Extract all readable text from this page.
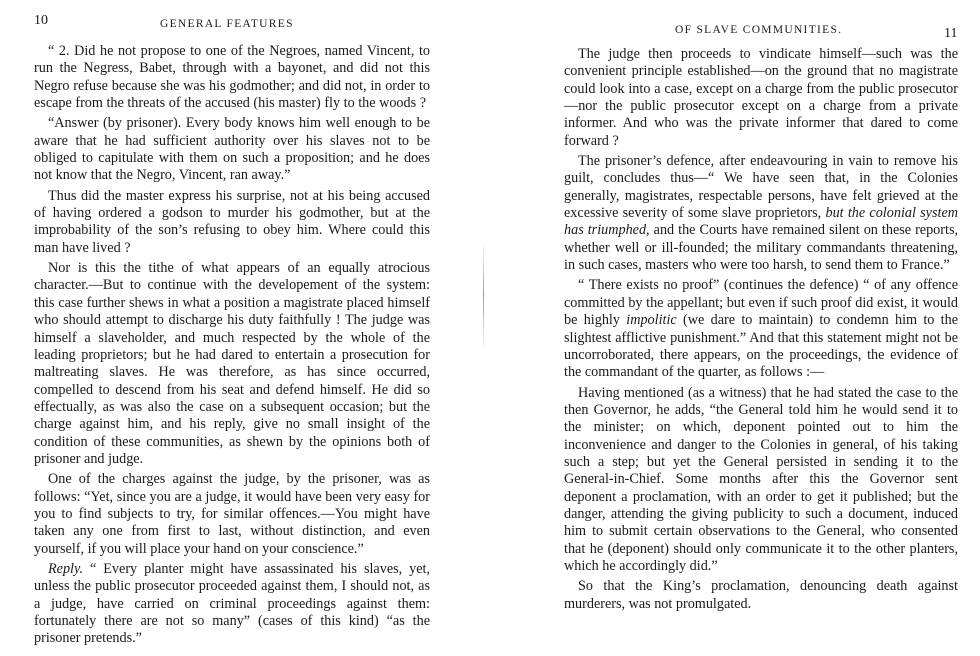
10	GENERAL FEATURES

“ 2. Did he not propose to one of the Negroes, named Vincent, to run the Negress, Babet, through with a bayonet, and did not this Negro refuse because she was his godmother; and did not, in order to escape from the threats of the accused (his master) fly to the woods ?

“Answer (by prisoner). Every body knows him well enough to be aware that he had sufficient authority over his slaves not to be obliged to capitulate with them on such a proposition; and he does not know that the Negro, Vincent, ran away.”

Thus did the master express his surprise, not at his being accused of having ordered a godson to murder his godmother, but at the improbability of the son’s refusing to obey him. Where could this man have lived ?

Nor is this the tithe of what appears of an equally atrocious character.—But to continue with the developement of the system: this case further shews in what a position a magistrate placed himself who should attempt to discharge his duty faithfully ! The judge was himself a slaveholder, and much respected by the whole of the leading proprietors; but he had dared to entertain a prosecution for maltreating slaves. He was therefore, as has since occurred, compelled to descend from his seat and defend himself. He did so effectually, as was also the case on a subsequent occasion; but the charge against him, and his reply, give no small insight of the condition of these communities, as shewn by the opinions both of prisoner and judge.

One of the charges against the judge, by the prisoner, was as follows: “Yet, since you are a judge, it would have been very easy for you to find subjects to try, for similar offences.—You might have taken any one from first to last, without distinction, and even yourself, if you will place your hand on your conscience.”

Reply. “ Every planter might have assassinated his slaves, yet, unless the public prosecutor proceeded against them, I should not, as a judge, have carried on criminal proceedings against them: fortunately there are not so many” (cases of this kind) “as the prisoner pretends.”

OF SLAVE COMMUNITIES.	11

The judge then proceeds to vindicate himself—such was the convenient principle established—on the ground that no magistrate could look into a case, except on a charge from the public prosecutor—nor the public prosecutor except on a charge from a private informer. And who was the private informer that dared to come forward ?

The prisoner’s defence, after endeavouring in vain to remove his guilt, concludes thus—“ We have seen that, in the Colonies generally, magistrates, respectable persons, have felt grieved at the excessive severity of some slave proprietors, but the colonial system has triumphed, and the Courts have remained silent on these reports, whether well or ill-founded; the military commandants threatening, in such cases, masters who were too harsh, to send them to France.”

“ There exists no proof” (continues the defence) “ of any offence committed by the appellant; but even if such proof did exist, it would be highly impolitic (we dare to maintain) to condemn him to the slightest afflictive punishment.” And that this statement might not be uncorroborated, there appears, on the proceedings, the evidence of the commandant of the quarter, as follows :—

Having mentioned (as a witness) that he had stated the case to the then Governor, he adds, “the General told him he would send it to the minister; on which, deponent pointed out to him the inconvenience and danger to the Colonies in general, of his taking such a step; but yet the General persisted in sending it to the General-in-Chief. Some months after this the Governor sent deponent a proclamation, with an order to get it published; but the danger, attending the giving publicity to such a document, induced him to submit certain observations to the General, who consented that he (deponent) should only communicate it to the other planters, which he accordingly did.”

So that the King’s proclamation, denouncing death against murderers, was not promulgated.
